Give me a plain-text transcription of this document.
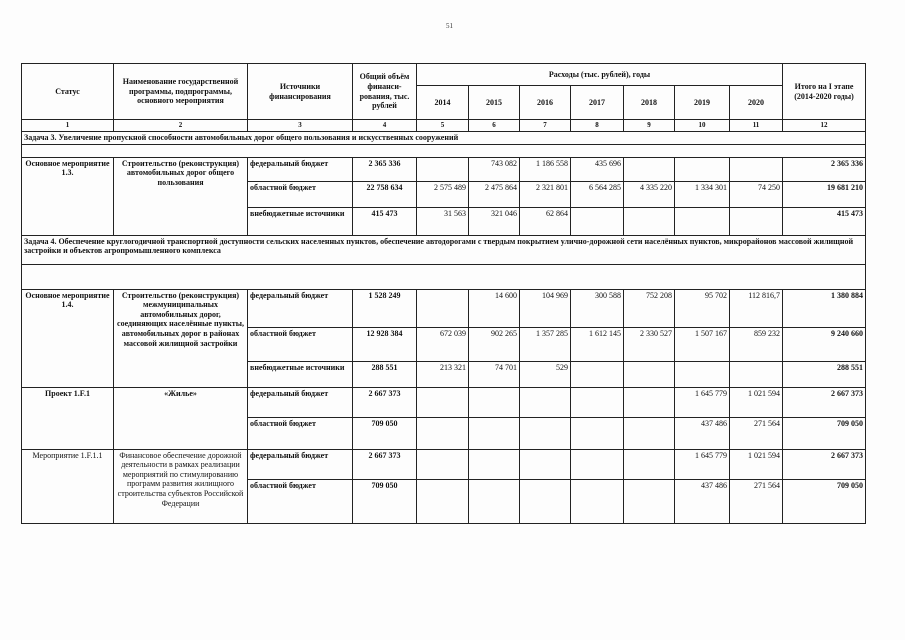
51
Статус	Наименование государственной программы, подпрограммы, основного мероприятия	Источники финансирования	Общий объём финанси-рования, тыс. рублей	Расходы (тыс. рублей), годы							Итого на I этапе (2014-2020 годы)
				2014	2015	2016	2017	2018	2019	2020	
1	2	3	4	5	6	7	8	9	10	11	12
Задача 3. Увеличение пропускной способности автомобильных дорог общего пользования и искусственных сооружений											

Основное мероприятие 1.3.	Строительство (реконструкция) автомобильных дорог общего пользования	федеральный бюджет	2 365 336		743 082	1 186 558	435 696				2 365 336
		областной бюджет	22 758 634	2 575 489	2 475 864	2 321 801	6 564 285	4 335 220	1 334 301	74 250	19 681 210
		внебюджетные источники	415 473	31 563	321 046	62 864					415 473
Задача 4. Обеспечение круглогодичной транспортной доступности сельских населенных пунктов, обеспечение автодорогами с твердым покрытием улично-дорожной сети населённых пунктов, микрорайонов массовой жилищной застройки и объектов агропромышленного комплекса											

Основное мероприятие 1.4.	Строительство (реконструкция) межмуниципальных автомобильных дорог, соединяющих населённые пункты, автомобильных дорог в районах массовой жилищной застройки	федеральный бюджет	1 528 249		14 600	104 969	300 588	752 208	95 702	112 816,7	1 380 884
		областной бюджет	12 928 384	672 039	902 265	1 357 285	1 612 145	2 330 527	1 507 167	859 232	9 240 660
		внебюджетные источники	288 551	213 321	74 701	529					288 551
Проект 1.F.1	«Жилье»	федеральный бюджет	2 667 373						1 645 779	1 021 594	2 667 373
		областной бюджет	709 050						437 486	271 564	709 050
Мероприятие 1.F.1.1	Финансовое обеспечение дорожной деятельности в рамках реализации мероприятий по стимулированию программ развития жилищного строительства субъектов Российской Федерации	федеральный бюджет	2 667 373						1 645 779	1 021 594	2 667 373
		областной бюджет	709 050						437 486	271 564	709 050
